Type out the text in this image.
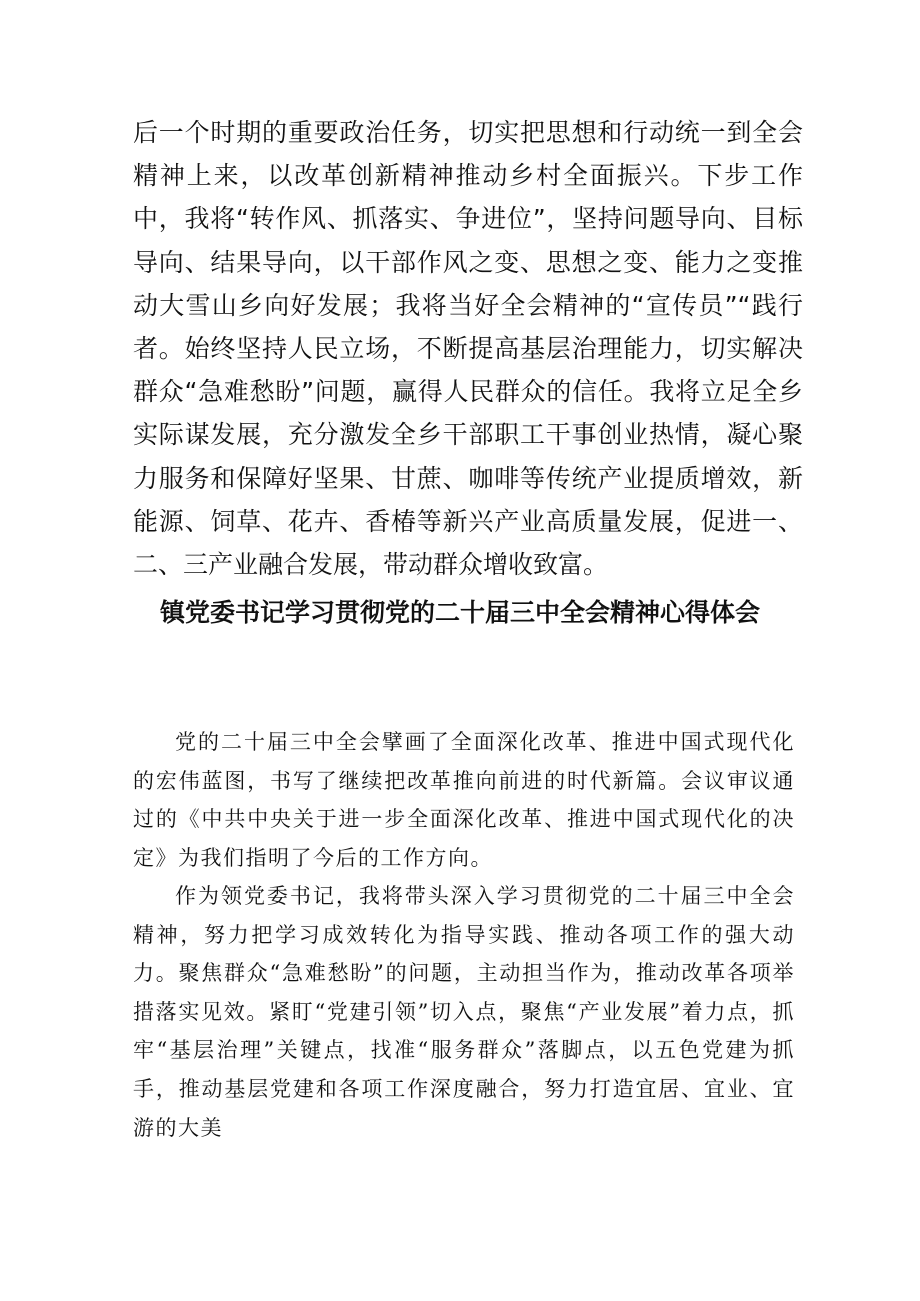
后一个时期的重要政治任务，切实把思想和行动统一到全会精神上来，以改革创新精神推动乡村全面振兴。下步工作中，我将“转作风、抓落实、争进位”，坚持问题导向、目标导向、结果导向，以干部作风之变、思想之变、能力之变推动大雪山乡向好发展；我将当好全会精神的“宣传员”“践行者。始终坚持人民立场，不断提高基层治理能力，切实解决群众“急难愁盼”问题，赢得人民群众的信任。我将立足全乡实际谋发展，充分激发全乡干部职工干事创业热情，凝心聚力服务和保障好坚果、甘蔗、咖啡等传统产业提质增效，新能源、饲草、花卉、香椿等新兴产业高质量发展，促进一、二、三产业融合发展，带动群众增收致富。

镇党委书记学习贯彻党的二十届三中全会精神心得体会

党的二十届三中全会擘画了全面深化改革、推进中国式现代化的宏伟蓝图，书写了继续把改革推向前进的时代新篇。会议审议通过的《中共中央关于进一步全面深化改革、推进中国式现代化的决定》为我们指明了今后的工作方向。

作为领党委书记，我将带头深入学习贯彻党的二十届三中全会精神，努力把学习成效转化为指导实践、推动各项工作的强大动力。聚焦群众“急难愁盼”的问题，主动担当作为，推动改革各项举措落实见效。紧盯“党建引领”切入点，聚焦“产业发展”着力点，抓牢“基层治理”关键点，找准“服务群众”落脚点，以五色党建为抓手，推动基层党建和各项工作深度融合，努力打造宜居、宜业、宜游的大美
